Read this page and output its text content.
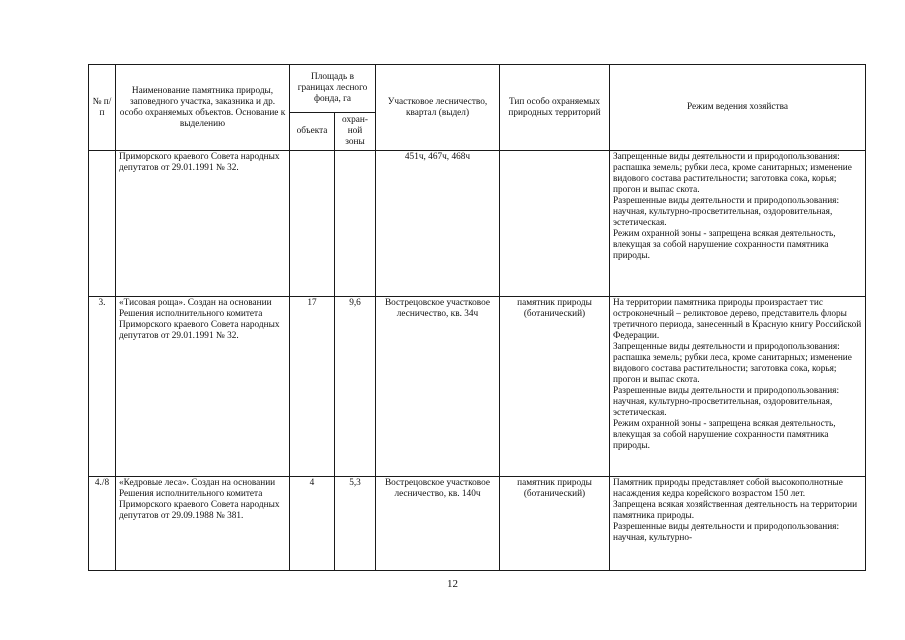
№ п/п	Наименование памятника природы, заповедного участка, заказника и др. особо охраняемых объектов. Основание к выделению	Площадь в границах лесного фонда, га		Участковое лесничество, квартал (выдел)	Тип особо охраняемых природных территорий	Режим ведения хозяйства
		объекта	охран-ной зоны			
	Приморского краевого Совета народных депутатов от 29.01.1991 № 32.			451ч, 467ч, 468ч		Запрещенные виды деятельности и природопользования: распашка земель; рубки леса, кроме санитарных; изменение видового состава растительности; заготовка сока, корья; прогон и выпас скота.

Разрешенные виды деятельности и природопользования: научная, культурно-просветительная, оздоровительная, эстетическая.

Режим охранной зоны - запрещена всякая деятельность, влекущая за собой нарушение сохранности памятника природы.

3.	«Тисовая роща». Создан на основании Решения исполнительного комитета Приморского краевого Совета народных депутатов от 29.01.1991 № 32.	17	9,6	Вострецовское участковое лесничество, кв. 34ч	памятник природы (ботанический)	На территории памятника природы произрастает тис остроконечный – реликтовое дерево, представитель флоры третичного периода, занесенный в Красную книгу Российской Федерации.

Запрещенные виды деятельности и природопользования: распашка земель; рубки леса, кроме санитарных; изменение видового состава растительности; заготовка сока, корья; прогон и выпас скота.

Разрешенные виды деятельности и природопользования: научная, культурно-просветительная, оздоровительная, эстетическая.

Режим охранной зоны - запрещена всякая деятельность, влекущая за собой нарушение сохранности памятника природы.

4./8	«Кедровые леса». Создан на основании Решения исполнительного комитета Приморского краевого Совета народных депутатов от 29.09.1988 № 381.	4	5,3	Вострецовское участковое лесничество, кв. 140ч	памятник природы (ботанический)	Памятник природы представляет собой высокополнотные насаждения кедра корейского возрастом 150 лет.

Запрещена всякая хозяйственная деятельность на территории памятника природы.

Разрешенные виды деятельности и природопользования: научная, культурно-

12
